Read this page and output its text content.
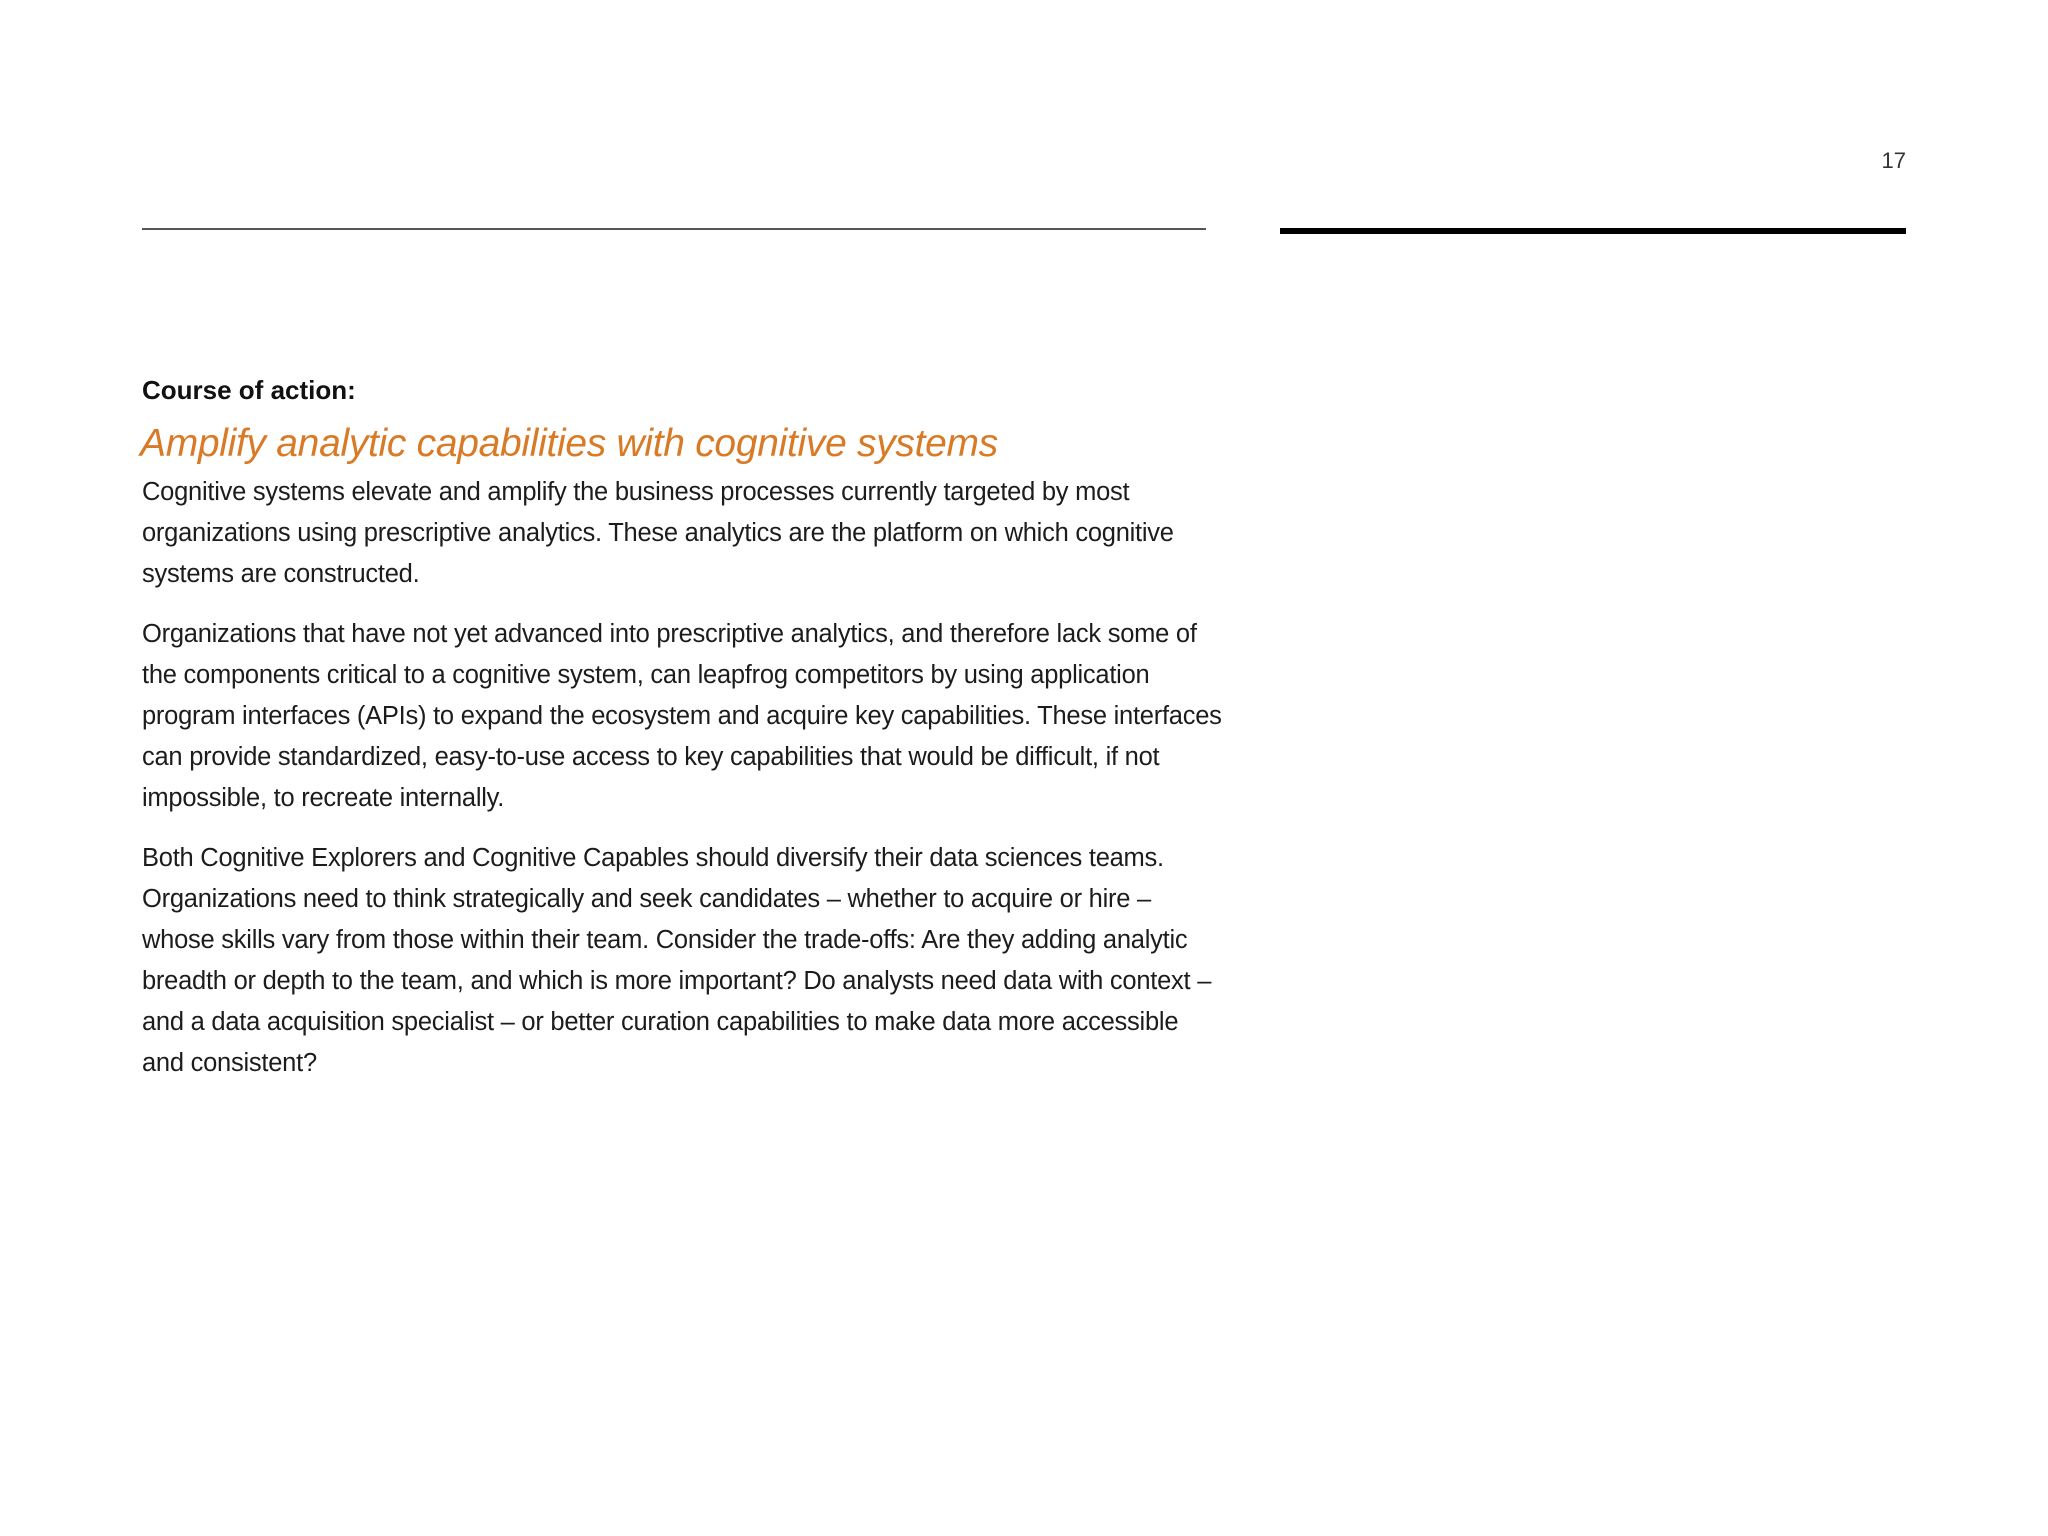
17
Course of action:
Amplify analytic capabilities with cognitive systems

Cognitive systems elevate and amplify the business processes currently targeted by most organizations using prescriptive analytics. These analytics are the platform on which cognitive systems are constructed.

Organizations that have not yet advanced into prescriptive analytics, and therefore lack some of the components critical to a cognitive system, can leapfrog competitors by using application program interfaces (APIs) to expand the ecosystem and acquire key capabilities. These interfaces can provide standardized, easy-to-use access to key capabilities that would be difficult, if not impossible, to recreate internally.

Both Cognitive Explorers and Cognitive Capables should diversify their data sciences teams. Organizations need to think strategically and seek candidates – whether to acquire or hire – whose skills vary from those within their team. Consider the trade-offs: Are they adding analytic breadth or depth to the team, and which is more important? Do analysts need data with context – and a data acquisition specialist – or better curation capabilities to make data more accessible and consistent?
